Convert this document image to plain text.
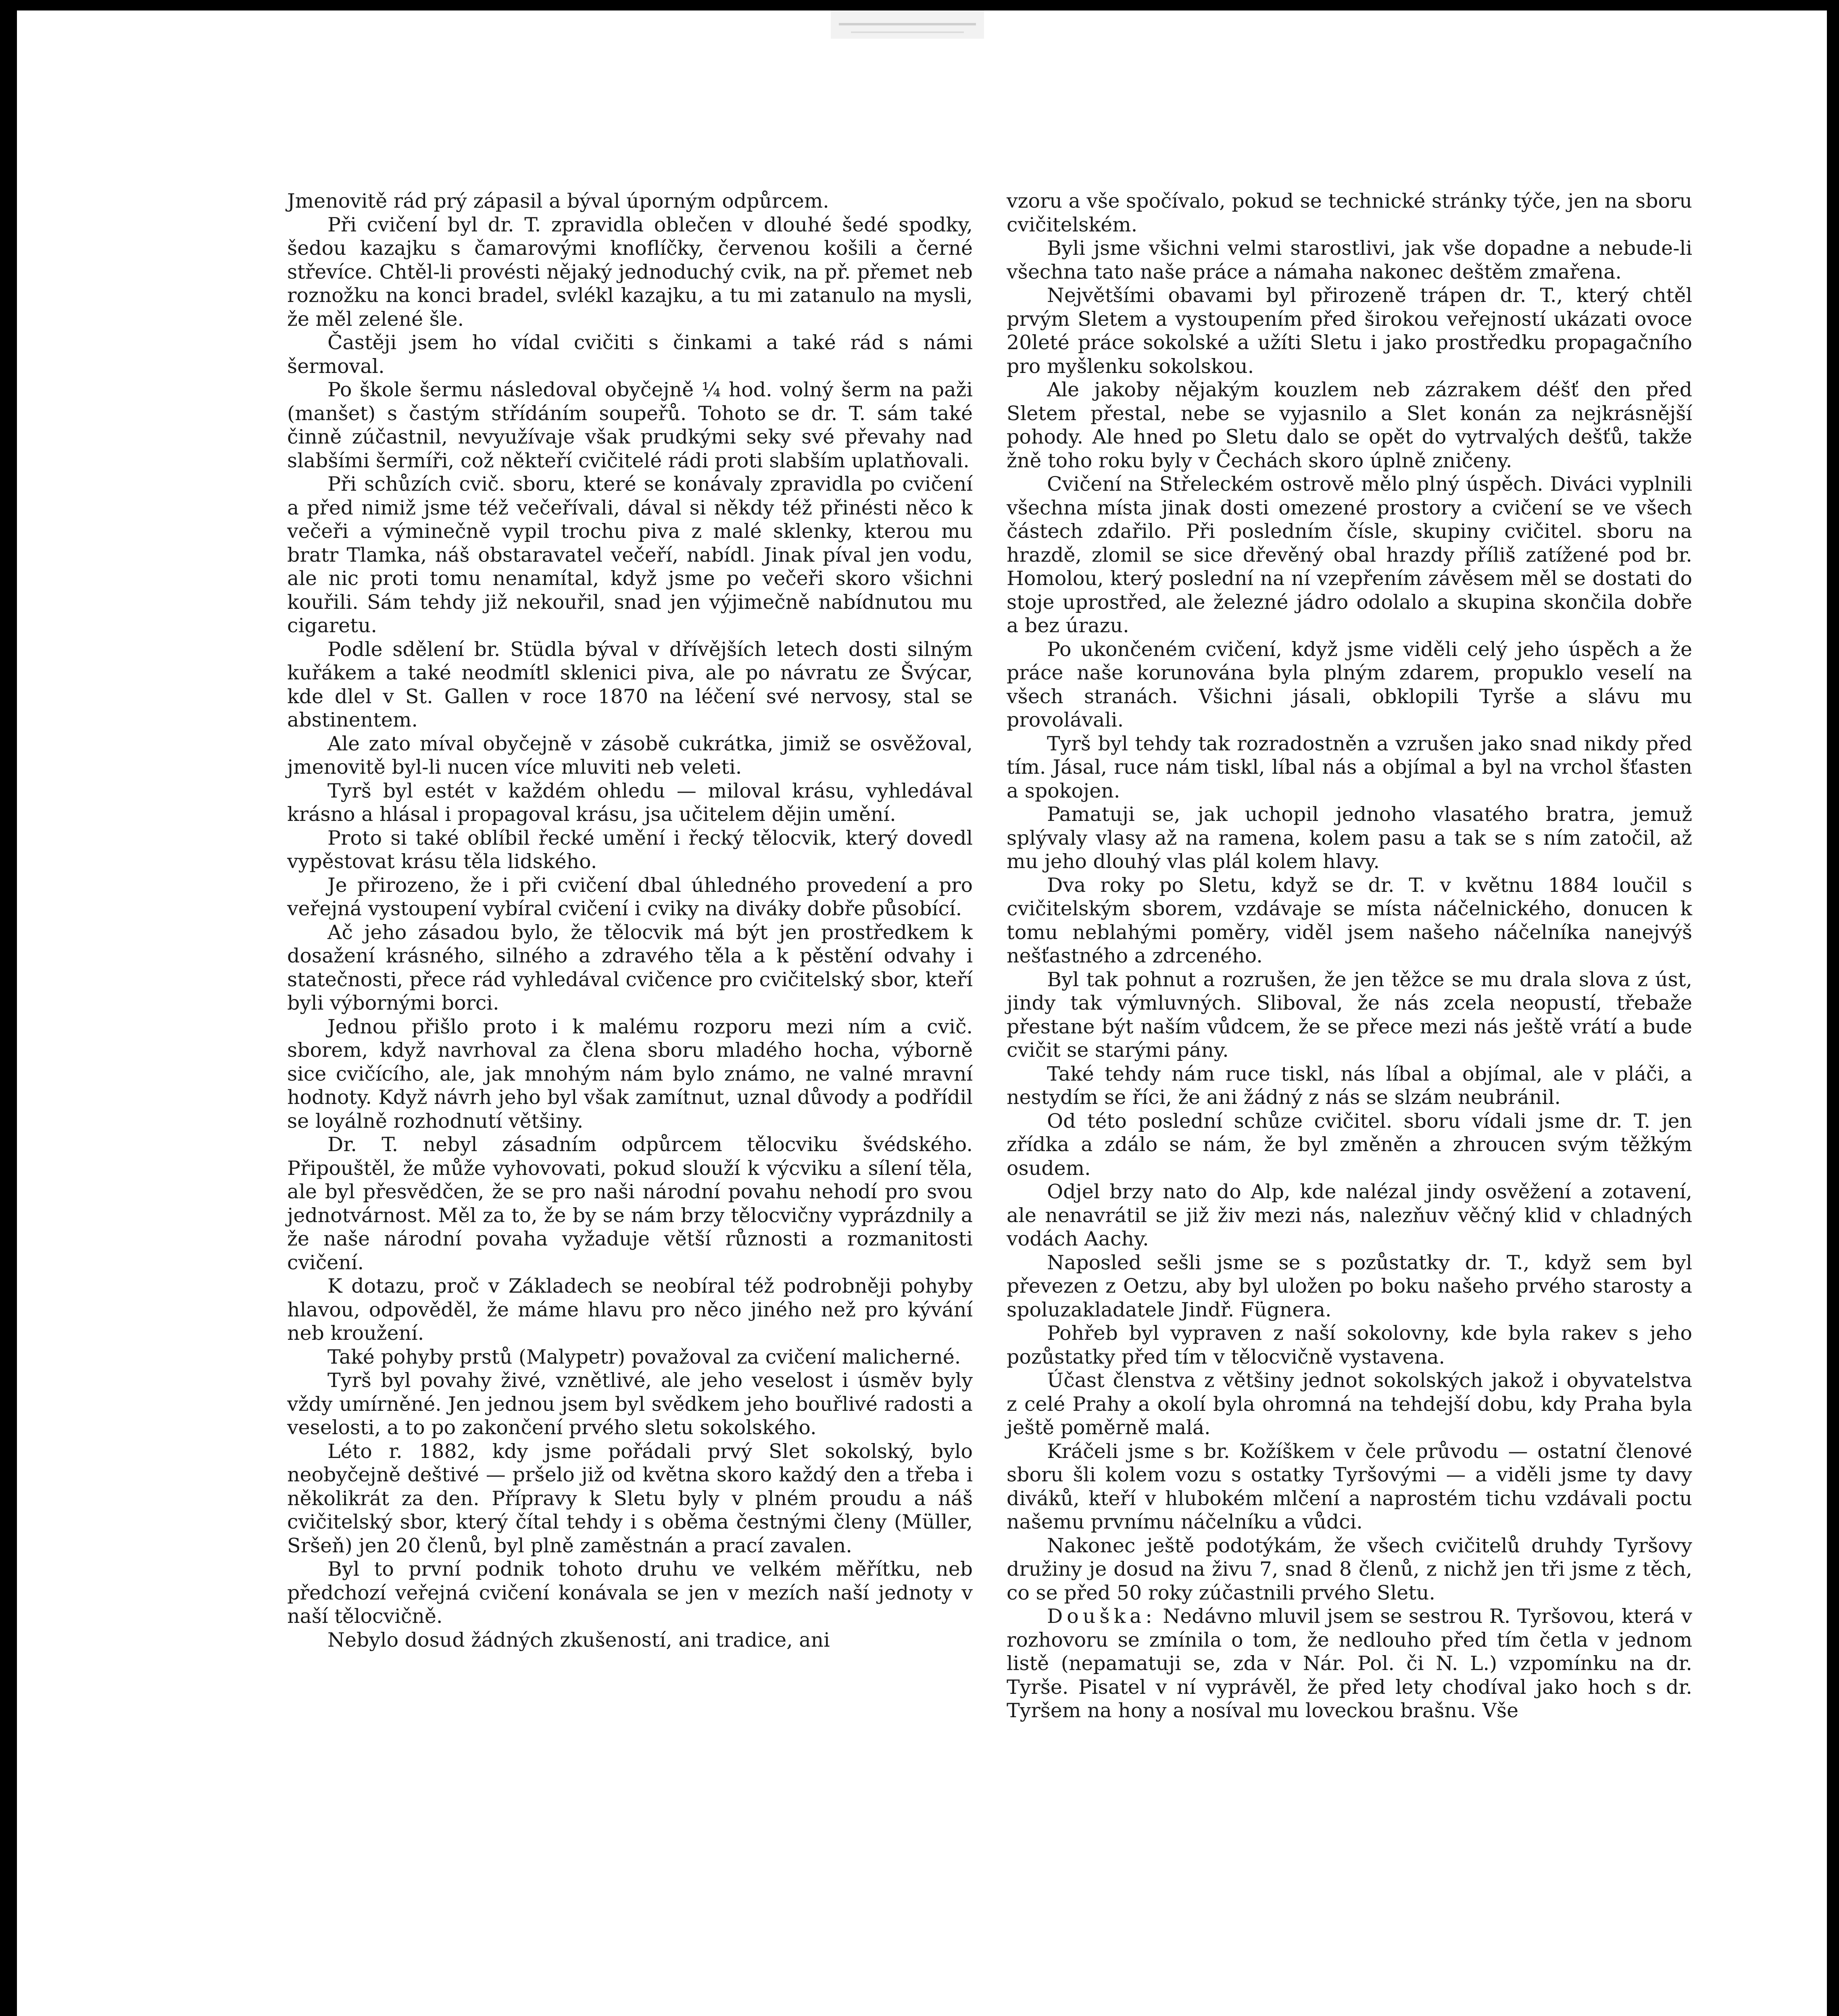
Jmenovitě rád prý zápasil a býval úporným odpůrcem.

Při cvičení byl dr. T. zpravidla oblečen v dlouhé šedé spodky, šedou kazajku s čamarovými knoflíčky, červenou košili a černé střevíce. Chtěl-li provésti nějaký jednoduchý cvik, na př. přemet neb roznožku na konci bradel, svlékl kazajku, a tu mi zatanulo na mysli, že měl zelené šle.

Častěji jsem ho vídal cvičiti s činkami a také rád s námi šermoval.

Po škole šermu následoval obyčejně ¼ hod. volný šerm na paži (manšet) s častým střídáním soupeřů. Tohoto se dr. T. sám také činně zúčastnil, nevyužívaje však prudkými seky své převahy nad slabšími šermíři, což někteří cvičitelé rádi proti slabším uplatňovali.

Při schůzích cvič. sboru, které se konávaly zpravidla po cvičení a před nimiž jsme též večeřívali, dával si někdy též přinésti něco k večeři a výminečně vypil trochu piva z malé sklenky, kterou mu bratr Tlamka, náš obstaravatel večeří, nabídl. Jinak píval jen vodu, ale nic proti tomu nenamítal, když jsme po večeři skoro všichni kouřili. Sám tehdy již nekouřil, snad jen výjimečně nabídnutou mu cigaretu.

Podle sdělení br. Stüdla býval v dřívějších letech dosti silným kuřákem a také neodmítl sklenici piva, ale po návratu ze Švýcar, kde dlel v St. Gallen v roce 1870 na léčení své nervosy, stal se abstinentem.

Ale zato míval obyčejně v zásobě cukrátka, jimiž se osvěžoval, jmenovitě byl-li nucen více mluviti neb veleti.

Tyrš byl estét v každém ohledu — miloval krásu, vyhledával krásno a hlásal i propagoval krásu, jsa učitelem dějin umění.

Proto si také oblíbil řecké umění i řecký tělocvik, který dovedl vypěstovat krásu těla lidského.

Je přirozeno, že i při cvičení dbal úhledného provedení a pro veřejná vystoupení vybíral cvičení i cviky na diváky dobře působící.

Ač jeho zásadou bylo, že tělocvik má být jen prostředkem k dosažení krásného, silného a zdravého těla a k pěstění odvahy i statečnosti, přece rád vyhledával cvičence pro cvičitelský sbor, kteří byli výbornými borci.

Jednou přišlo proto i k malému rozporu mezi ním a cvič. sborem, když navrhoval za člena sboru mladého hocha, výborně sice cvičícího, ale, jak mnohým nám bylo známo, ne valné mravní hodnoty. Když návrh jeho byl však zamítnut, uznal důvody a podřídil se loyálně rozhodnutí většiny.

Dr. T. nebyl zásadním odpůrcem tělocviku švédského. Připouštěl, že může vyhovovati, pokud slouží k výcviku a sílení těla, ale byl přesvědčen, že se pro naši národní povahu nehodí pro svou jednotvárnost. Měl za to, že by se nám brzy tělocvičny vyprázdnily a že naše národní povaha vyžaduje větší různosti a rozmanitosti cvičení.

K dotazu, proč v Základech se neobíral též podrobněji pohyby hlavou, odpověděl, že máme hlavu pro něco jiného než pro kývání neb kroužení.

Také pohyby prstů (Malypetr) považoval za cvičení malicherné.

Tyrš byl povahy živé, vznětlivé, ale jeho veselost i úsměv byly vždy umírněné. Jen jednou jsem byl svědkem jeho bouřlivé radosti a veselosti, a to po zakončení prvého sletu sokolského.

Léto r. 1882, kdy jsme pořádali prvý Slet sokolský, bylo neobyčejně deštivé — pršelo již od května skoro každý den a třeba i několikrát za den. Přípravy k Sletu byly v plném proudu a náš cvičitelský sbor, který čítal tehdy i s oběma čestnými členy (Müller, Sršeň) jen 20 členů, byl plně zaměstnán a prací zavalen.

Byl to první podnik tohoto druhu ve velkém měřítku, neb předchozí veřejná cvičení konávala se jen v mezích naší jednoty v naší tělocvičně.

Nebylo dosud žádných zkušeností, ani tradice, ani

vzoru a vše spočívalo, pokud se technické stránky týče, jen na sboru cvičitelském.

Byli jsme všichni velmi starostlivi, jak vše dopadne a nebude-li všechna tato naše práce a námaha nakonec deštěm zmařena.

Největšími obavami byl přirozeně trápen dr. T., který chtěl prvým Sletem a vystoupením před širokou veřejností ukázati ovoce 20leté práce sokolské a užíti Sletu i jako prostředku propagačního pro myšlenku sokolskou.

Ale jakoby nějakým kouzlem neb zázrakem déšť den před Sletem přestal, nebe se vyjasnilo a Slet konán za nejkrásnější pohody. Ale hned po Sletu dalo se opět do vytrvalých dešťů, takže žně toho roku byly v Čechách skoro úplně zničeny.

Cvičení na Střeleckém ostrově mělo plný úspěch. Diváci vyplnili všechna místa jinak dosti omezené prostory a cvičení se ve všech částech zdařilo. Při posledním čísle, skupiny cvičitel. sboru na hrazdě, zlomil se sice dřevěný obal hrazdy příliš zatížené pod br. Homolou, který poslední na ní vzepřením závěsem měl se dostati do stoje uprostřed, ale železné jádro odolalo a skupina skončila dobře a bez úrazu.

Po ukončeném cvičení, když jsme viděli celý jeho úspěch a že práce naše korunována byla plným zdarem, propuklo veselí na všech stranách. Všichni jásali, obklopili Tyrše a slávu mu provolávali.

Tyrš byl tehdy tak rozradostněn a vzrušen jako snad nikdy před tím. Jásal, ruce nám tiskl, líbal nás a objímal a byl na vrchol šťasten a spokojen.

Pamatuji se, jak uchopil jednoho vlasatého bratra, jemuž splývaly vlasy až na ramena, kolem pasu a tak se s ním zatočil, až mu jeho dlouhý vlas plál kolem hlavy.

Dva roky po Sletu, když se dr. T. v květnu 1884 loučil s cvičitelským sborem, vzdávaje se místa náčelnického, donucen k tomu neblahými poměry, viděl jsem našeho náčelníka nanejvýš nešťastného a zdrceného.

Byl tak pohnut a rozrušen, že jen těžce se mu drala slova z úst, jindy tak výmluvných. Sliboval, že nás zcela neopustí, třebaže přestane být naším vůdcem, že se přece mezi nás ještě vrátí a bude cvičit se starými pány.

Také tehdy nám ruce tiskl, nás líbal a objímal, ale v pláči, a nestydím se říci, že ani žádný z nás se slzám neubránil.

Od této poslední schůze cvičitel. sboru vídali jsme dr. T. jen zřídka a zdálo se nám, že byl změněn a zhroucen svým těžkým osudem.

Odjel brzy nato do Alp, kde nalézal jindy osvěžení a zotavení, ale nenavrátil se již živ mezi nás, nalezňuv věčný klid v chladných vodách Aachy.

Naposled sešli jsme se s pozůstatky dr. T., když sem byl převezen z Oetzu, aby byl uložen po boku našeho prvého starosty a spoluzakladatele Jindř. Fügnera.

Pohřeb byl vypraven z naší sokolovny, kde byla rakev s jeho pozůstatky před tím v tělocvičně vystavena.

Účast členstva z většiny jednot sokolských jakož i obyvatelstva z celé Prahy a okolí byla ohromná na tehdejší dobu, kdy Praha byla ještě poměrně malá.

Kráčeli jsme s br. Kožíškem v čele průvodu — ostatní členové sboru šli kolem vozu s ostatky Tyršovými — a viděli jsme ty davy diváků, kteří v hlubokém mlčení a naprostém tichu vzdávali poctu našemu prvnímu náčelníku a vůdci.

Nakonec ještě podotýkám, že všech cvičitelů druhdy Tyršovy družiny je dosud na živu 7, snad 8 členů, z nichž jen tři jsme z těch, co se před 50 roky zúčastnili prvého Sletu.

Douška: Nedávno mluvil jsem se sestrou R. Tyršovou, která v rozhovoru se zmínila o tom, že nedlouho před tím četla v jednom listě (nepamatuji se, zda v Nár. Pol. či N. L.) vzpomínku na dr. Tyrše. Pisatel v ní vyprávěl, že před lety chodíval jako hoch s dr. Tyršem na hony a nosíval mu loveckou brašnu. Vše
